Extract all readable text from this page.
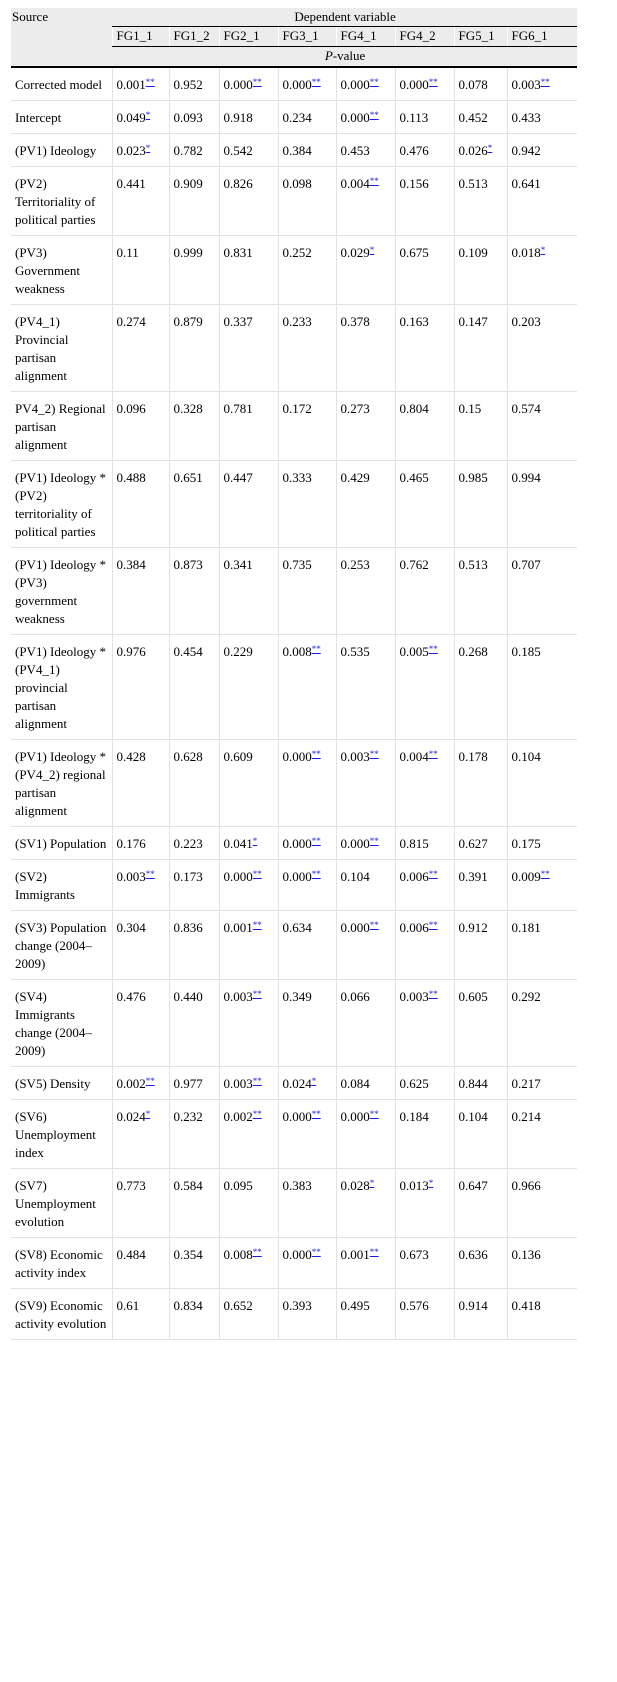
Source	Dependent variable							
	FG1_1	FG1_2	FG2_1	FG3_1	FG4_1	FG4_2	FG5_1	FG6_1
	P-value							
Corrected model	0.001**	0.952	0.000**	0.000**	0.000**	0.000**	0.078	0.003**
Intercept	0.049*	0.093	0.918	0.234	0.000**	0.113	0.452	0.433
(PV1) Ideology	0.023*	0.782	0.542	0.384	0.453	0.476	0.026*	0.942
(PV2) Territoriality of political parties	0.441	0.909	0.826	0.098	0.004**	0.156	0.513	0.641
(PV3) Government weakness	0.11	0.999	0.831	0.252	0.029*	0.675	0.109	0.018*
(PV4_1) Provincial partisan alignment	0.274	0.879	0.337	0.233	0.378	0.163	0.147	0.203
PV4_2) Regional partisan alignment	0.096	0.328	0.781	0.172	0.273	0.804	0.15	0.574
(PV1) Ideology * (PV2) territoriality of political parties	0.488	0.651	0.447	0.333	0.429	0.465	0.985	0.994
(PV1) Ideology * (PV3) government weakness	0.384	0.873	0.341	0.735	0.253	0.762	0.513	0.707
(PV1) Ideology * (PV4_1) provincial partisan alignment	0.976	0.454	0.229	0.008**	0.535	0.005**	0.268	0.185
(PV1) Ideology * (PV4_2) regional partisan alignment	0.428	0.628	0.609	0.000**	0.003**	0.004**	0.178	0.104
(SV1) Population	0.176	0.223	0.041*	0.000**	0.000**	0.815	0.627	0.175
(SV2) Immigrants	0.003**	0.173	0.000**	0.000**	0.104	0.006**	0.391	0.009**
(SV3) Population change (2004–2009)	0.304	0.836	0.001**	0.634	0.000**	0.006**	0.912	0.181
(SV4) Immigrants change (2004–2009)	0.476	0.440	0.003**	0.349	0.066	0.003**	0.605	0.292
(SV5) Density	0.002**	0.977	0.003**	0.024*	0.084	0.625	0.844	0.217
(SV6) Unemployment index	0.024*	0.232	0.002**	0.000**	0.000**	0.184	0.104	0.214
(SV7) Unemployment evolution	0.773	0.584	0.095	0.383	0.028*	0.013*	0.647	0.966
(SV8) Economic activity index	0.484	0.354	0.008**	0.000**	0.001**	0.673	0.636	0.136
(SV9) Economic activity evolution	0.61	0.834	0.652	0.393	0.495	0.576	0.914	0.418
